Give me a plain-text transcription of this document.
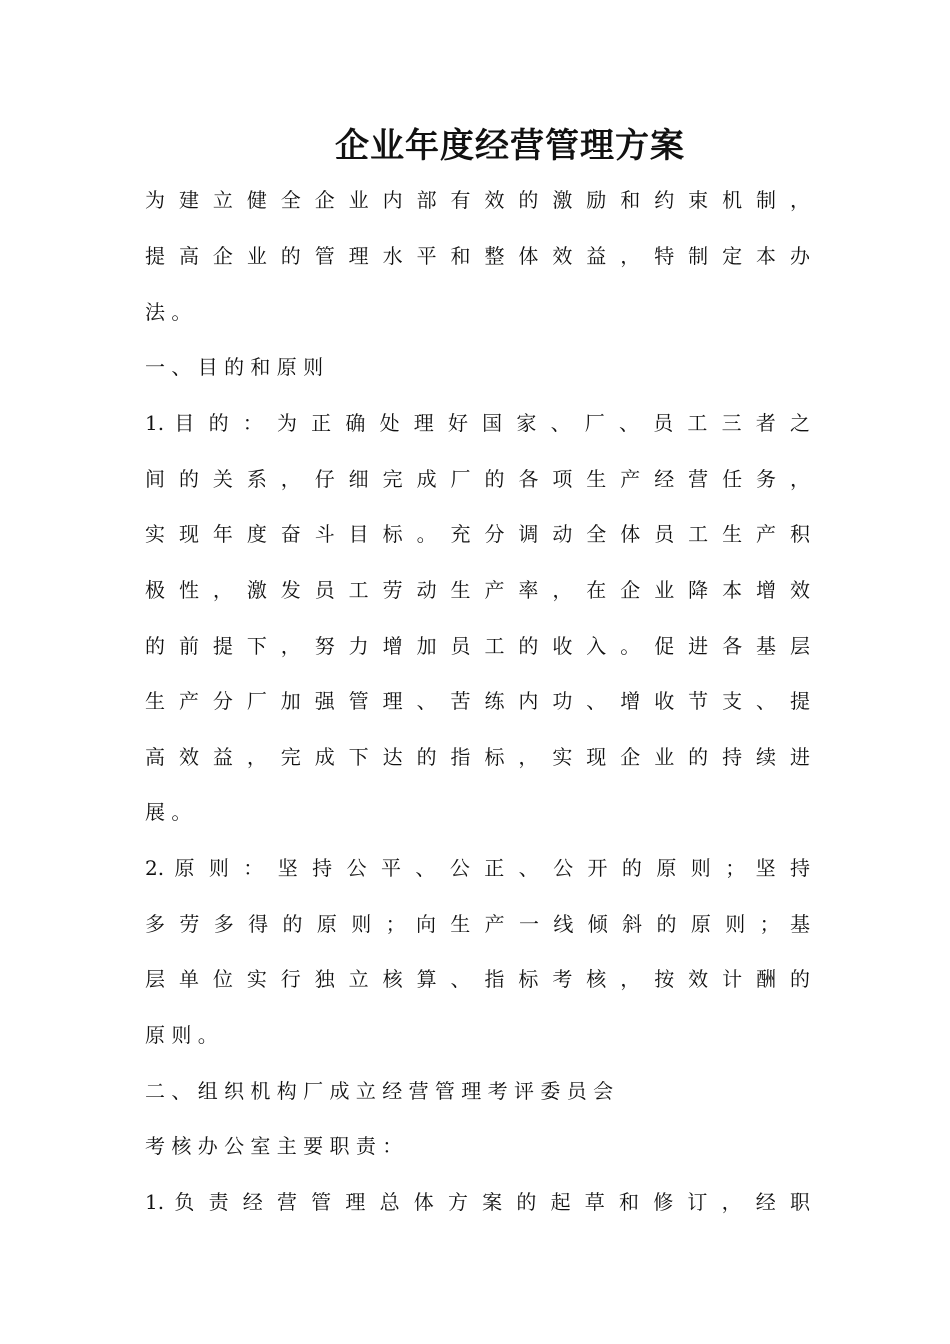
企业年度经营管理方案
为 建 立 健 全 企 业 内 部 有 效 的 激 励 和 约 束 机 制 ，
提 高 企 业 的 管 理 水 平 和 整 体 效 益 ， 特 制 定 本 办
法 。
一 、 目 的 和 原 则
1. 目 的 ： 为 正 确 处 理 好 国 家 、 厂 、 员 工 三 者 之
间 的 关 系 ， 仔 细 完 成 厂 的 各 项 生 产 经 营 任 务 ，
实 现 年 度 奋 斗 目 标 。 充 分 调 动 全 体 员 工 生 产 积
极 性 ， 激 发 员 工 劳 动 生 产 率 ， 在 企 业 降 本 增 效
的 前 提 下 ， 努 力 增 加 员 工 的 收 入 。 促 进 各 基 层
生 产 分 厂 加 强 管 理 、 苦 练 内 功 、 增 收 节 支 、 提
高 效 益 ， 完 成 下 达 的 指 标 ， 实 现 企 业 的 持 续 进
展 。
2. 原 则 ： 坚 持 公 平 、 公 正 、 公 开 的 原 则 ； 坚 持
多 劳 多 得 的 原 则 ； 向 生 产 一 线 倾 斜 的 原 则 ； 基
层 单 位 实 行 独 立 核 算 、 指 标 考 核 ， 按 效 计 酬 的
原 则 。
二 、 组 织 机 构 厂 成 立 经 营 管 理 考 评 委 员 会
考 核 办 公 室 主 要 职 责 ：
1. 负 责 经 营 管 理 总 体 方 案 的 起 草 和 修 订 ， 经 职
